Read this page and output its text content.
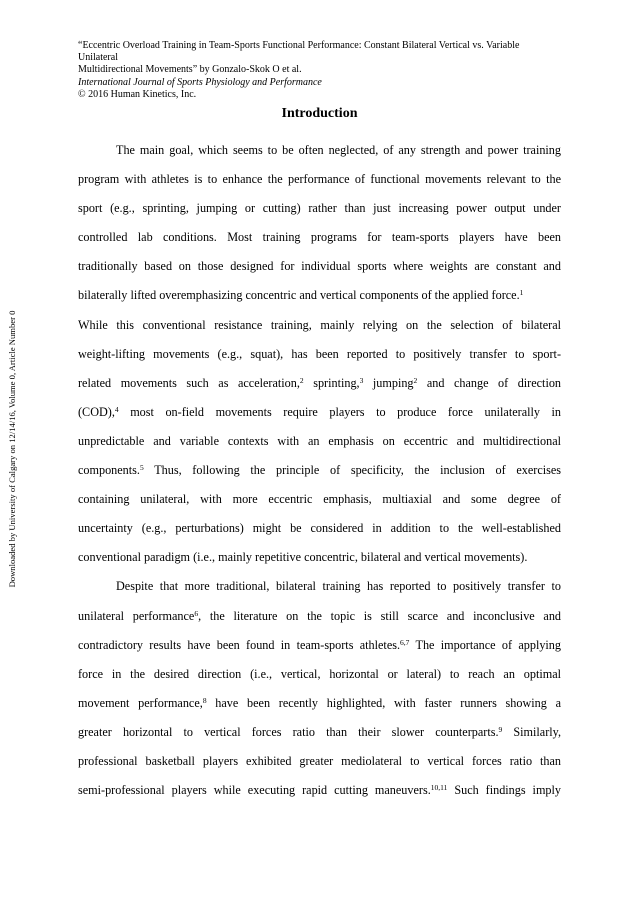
Downloaded by University of Calgary on 12/14/16, Volume 0, Article Number 0
“Eccentric Overload Training in Team-Sports Functional Performance: Constant Bilateral Vertical vs. Variable Unilateral
Multidirectional Movements” by Gonzalo-Skok O et al.
International Journal of Sports Physiology and Performance
© 2016 Human Kinetics, Inc.
Introduction
The main goal, which seems to be often neglected, of any strength and power training
program with athletes is to enhance the performance of functional movements relevant to the
sport (e.g., sprinting, jumping or cutting) rather than just increasing power output under
controlled lab conditions. Most training programs for team-sports players have been
traditionally based on those designed for individual sports where weights are constant and
bilaterally lifted overemphasizing concentric and vertical components of the applied force.$^1$
While this conventional resistance training, mainly relying on the selection of bilateral
weight-lifting movements (e.g., squat), has been reported to positively transfer to sport-
related movements such as acceleration,$^2$ sprinting,$^3$ jumping$^2$ and change of direction
(COD),$^4$ most on-field movements require players to produce force unilaterally in
unpredictable and variable contexts with an emphasis on eccentric and multidirectional
components.$^5$ Thus, following the principle of specificity, the inclusion of exercises
containing unilateral, with more eccentric emphasis, multiaxial and some degree of
uncertainty (e.g., perturbations) might be considered in addition to the well-established
conventional paradigm (i.e., mainly repetitive concentric, bilateral and vertical movements).
Despite that more traditional, bilateral training has reported to positively transfer to
unilateral performance$^6$, the literature on the topic is still scarce and inconclusive and
contradictory results have been found in team-sports athletes.$^{6,7}$ The importance of applying
force in the desired direction (i.e., vertical, horizontal or lateral) to reach an optimal
movement performance,$^8$ have been recently highlighted, with faster runners showing a
greater horizontal to vertical forces ratio than their slower counterparts.$^9$ Similarly,
professional basketball players exhibited greater mediolateral to vertical forces ratio than
semi-professional players while executing rapid cutting maneuvers.$^{10,11}$ Such findings imply
